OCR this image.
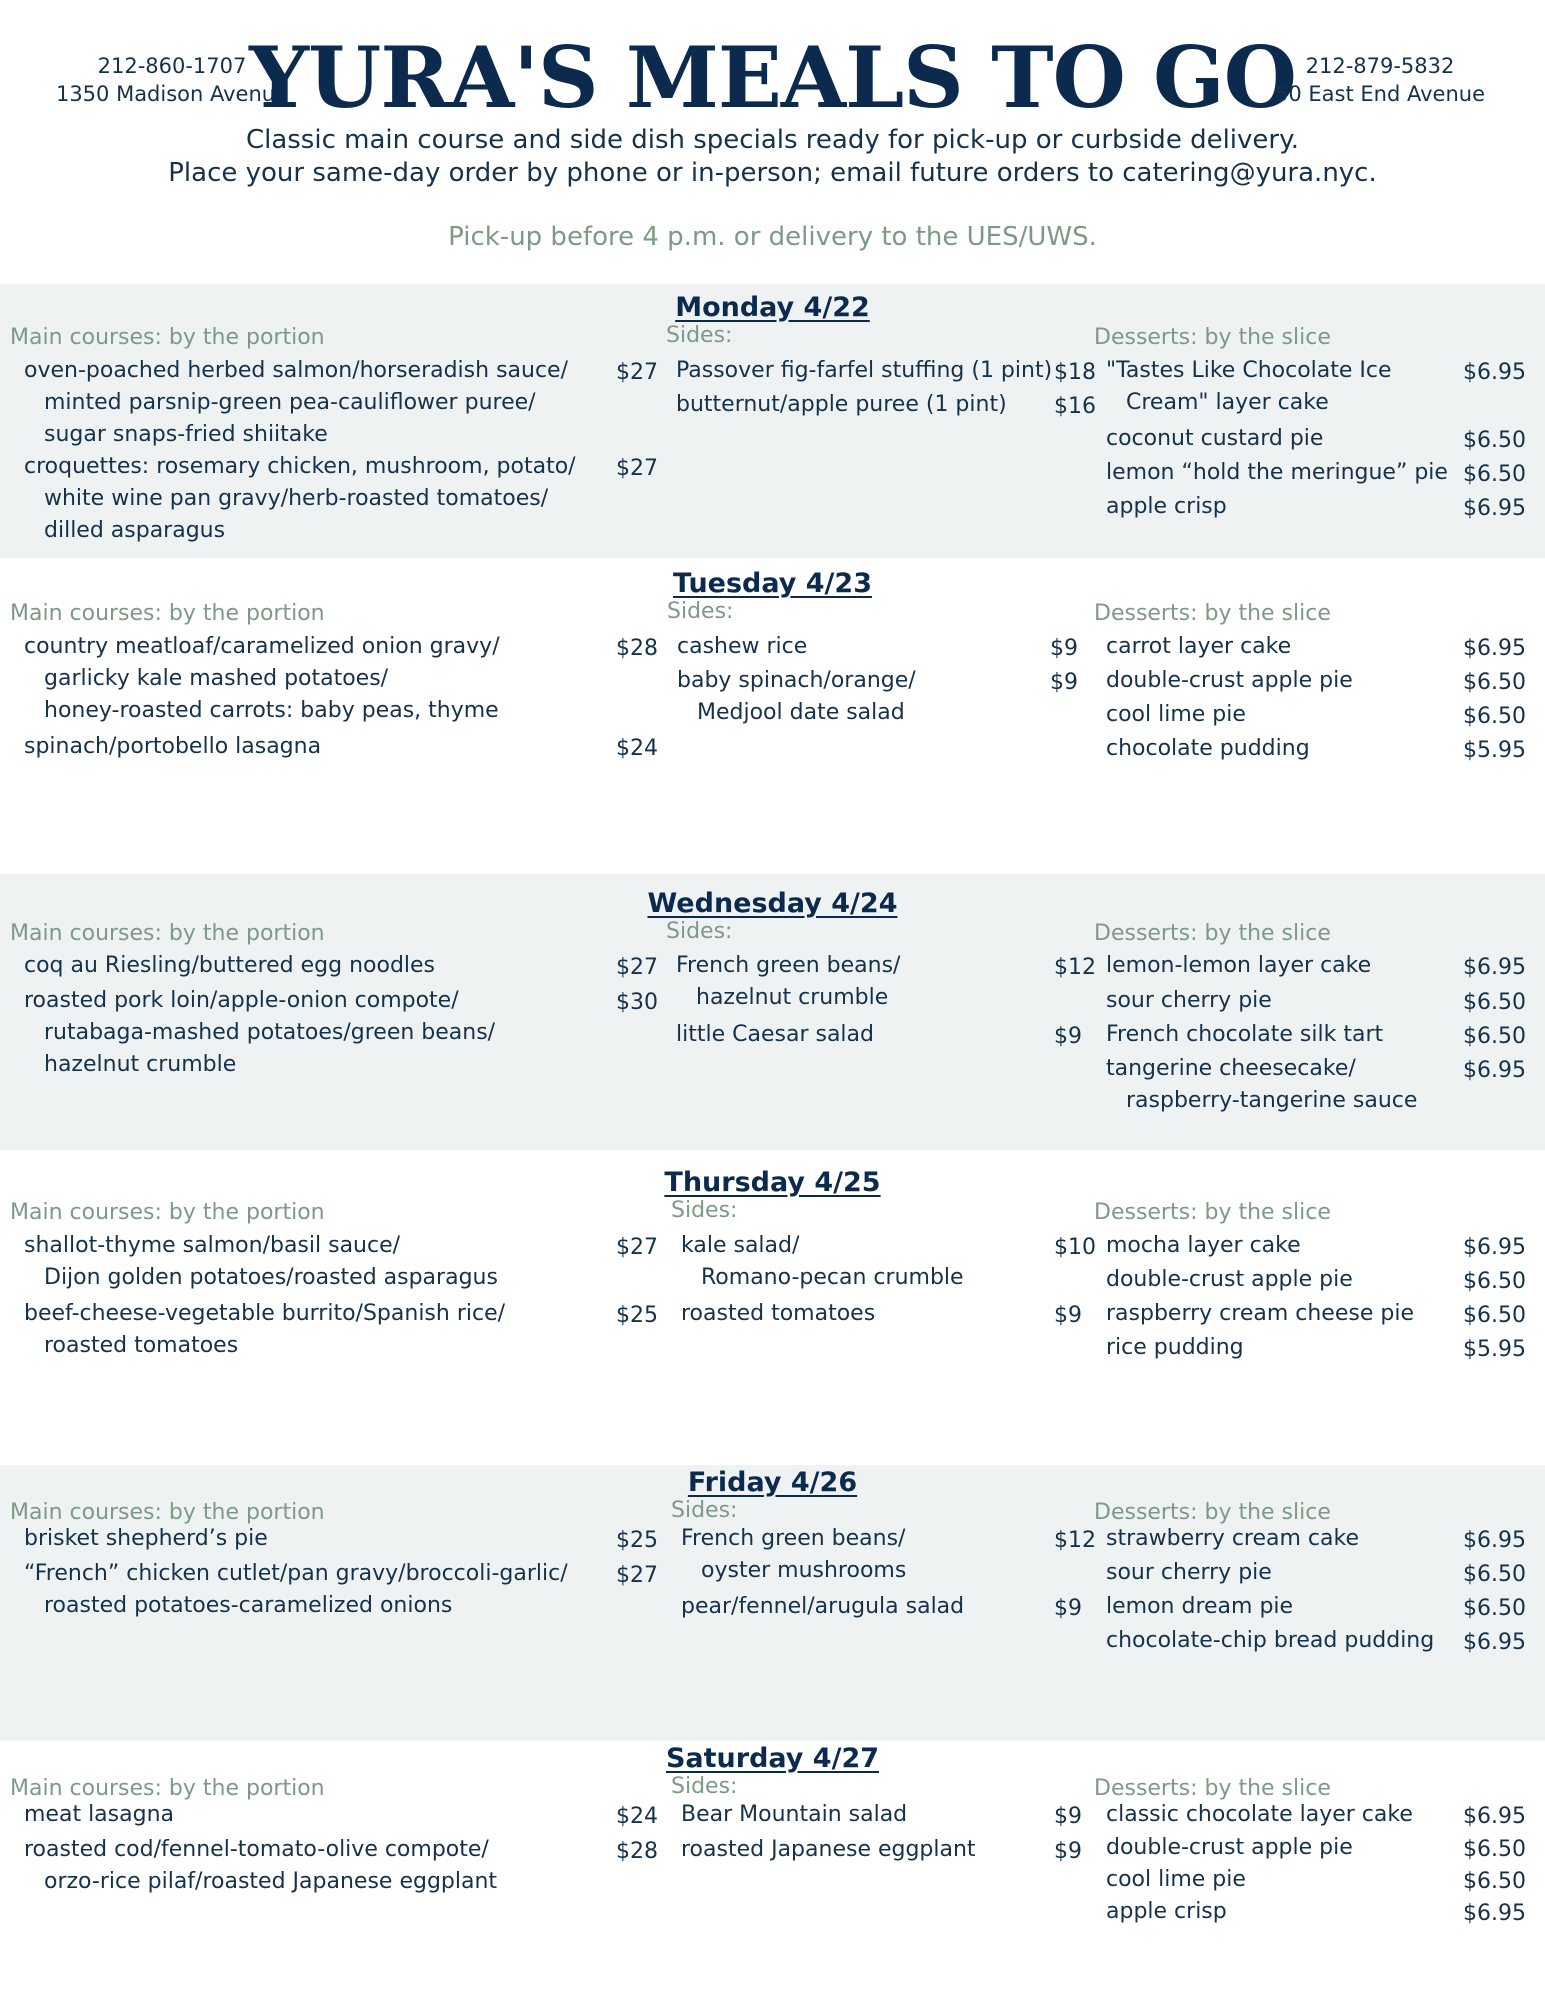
212-860-1707
1350 Madison Avenue
YURA'S MEALS TO GO 212-879-5832
50 East End Avenue
Classic main course and side dish specials ready for pick-up or curbside delivery.
Place your same-day order by phone or in-person; email future orders to catering@yura.nyc.
Pick-up before 4 p.m. or delivery to the UES/UWS.
Monday 4/22
Main courses: by the portion	Sides:	Desserts: by the slice
oven-poached herbed salmon/horseradish sauce/
minted parsnip-green pea-cauliflower puree/
sugar snaps-fried shiitake
$27
croquettes: rosemary chicken, mushroom, potato/
white wine pan gravy/herb-roasted tomatoes/
dilled asparagus
$27
Passover fig-farfel stuffing (1 pint) $18
butternut/apple puree (1 pint)	$16
"Tastes Like Chocolate Ice
Cream" layer cake
$6.95
coconut custard pie	$6.50
lemon “hold the meringue” pie $6.50
apple crisp	$6.95
Tuesday 4/23
Main courses: by the portion	Sides:	Desserts: by the slice
country meatloaf/caramelized onion gravy/
garlicky kale mashed potatoes/
honey-roasted carrots: baby peas, thyme
$28
spinach/portobello lasagna	$24
cashew rice	$9
baby spinach/orange/
Medjool date salad
$9
carrot layer cake	$6.95
double-crust apple pie	$6.50
cool lime pie	$6.50
chocolate pudding	$5.95
Wednesday 4/24
Main courses: by the portion	Sides:	Desserts: by the slice
coq au Riesling/buttered egg noodles	$27
roasted pork loin/apple-onion compote/
rutabaga-mashed potatoes/green beans/
hazelnut crumble
$30
French green beans/
hazelnut crumble
$12
little Caesar salad	$9
lemon-lemon layer cake	$6.95
sour cherry pie	$6.50
French chocolate silk tart	$6.50
tangerine cheesecake/
raspberry-tangerine sauce
$6.95
Thursday 4/25
Main courses: by the portion	Sides:	Desserts: by the slice
shallot-thyme salmon/basil sauce/
Dijon golden potatoes/roasted asparagus
$27
beef-cheese-vegetable burrito/Spanish rice/
roasted tomatoes
$25
kale salad/
Romano-pecan crumble
$10
roasted tomatoes	$9
mocha layer cake	$6.95
double-crust apple pie	$6.50
raspberry cream cheese pie	$6.50
rice pudding	$5.95
Friday 4/26
Main courses: by the portion	Sides:	Desserts: by the slice
brisket shepherd’s pie	$25
“French” chicken cutlet/pan gravy/broccoli-garlic/
roasted potatoes-caramelized onions
$27
French green beans/
oyster mushrooms
$12
pear/fennel/arugula salad	$9
strawberry cream cake	$6.95
sour cherry pie	$6.50
lemon dream pie	$6.50
chocolate-chip bread pudding	$6.95
Saturday 4/27
Main courses: by the portion	Sides:	Desserts: by the slice
meat lasagna	$24
roasted cod/fennel-tomato-olive compote/
orzo-rice pilaf/roasted Japanese eggplant
$28
Bear Mountain salad	$9
roasted Japanese eggplant	$9
classic chocolate layer cake	$6.95
double-crust apple pie	$6.50
cool lime pie	$6.50
apple crisp	$6.95
